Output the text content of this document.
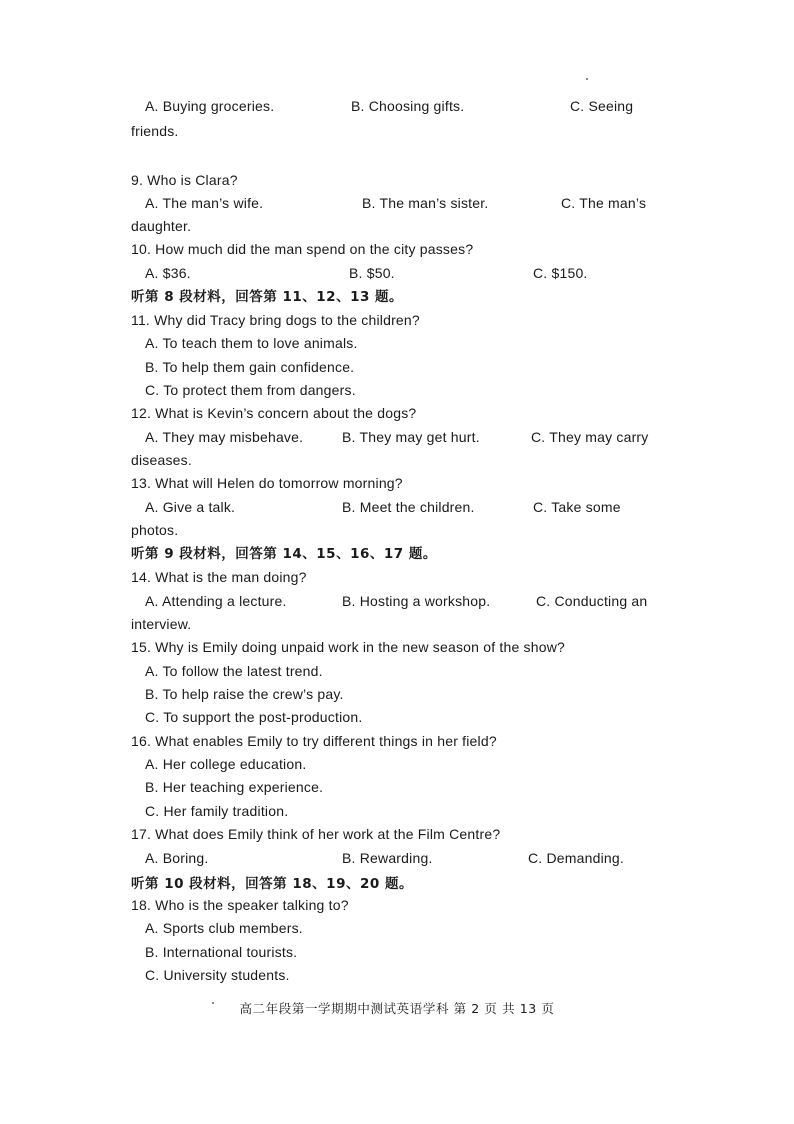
A. Buying groceries.	B. Choosing gifts.	C. Seeing
friends.
9. Who is Clara?
A. The man’s wife.	B. The man’s sister.	C. The man’s
daughter.
10. How much did the man spend on the city passes?
A. $36.	B. $50.	C. $150.
听第 8 段材料，回答第 11、12、13 题。
11. Why did Tracy bring dogs to the children?
A. To teach them to love animals.
B. To help them gain confidence.
C. To protect them from dangers.
12. What is Kevin’s concern about the dogs?
A. They may misbehave.	B. They may get hurt.	C. They may carry
diseases.
13. What will Helen do tomorrow morning?
A. Give a talk.	B. Meet the children.	C. Take some
photos.
听第 9 段材料，回答第 14、15、16、17 题。
14. What is the man doing?
A. Attending a lecture.	B. Hosting a workshop.	C. Conducting an
interview.
15. Why is Emily doing unpaid work in the new season of the show?
A. To follow the latest trend.
B. To help raise the crew’s pay.
C. To support the post-production.
16. What enables Emily to try different things in her field?
A. Her college education.
B. Her teaching experience.
C. Her family tradition.
17. What does Emily think of her work at the Film Centre?
A. Boring.	B. Rewarding.	C. Demanding.
听第 10 段材料，回答第 18、19、20 题。
18. Who is the speaker talking to?
A. Sports club members.
B. International tourists.
C. University students.
高二年段第一学期期中测试英语学科 第 2 页 共 13 页
